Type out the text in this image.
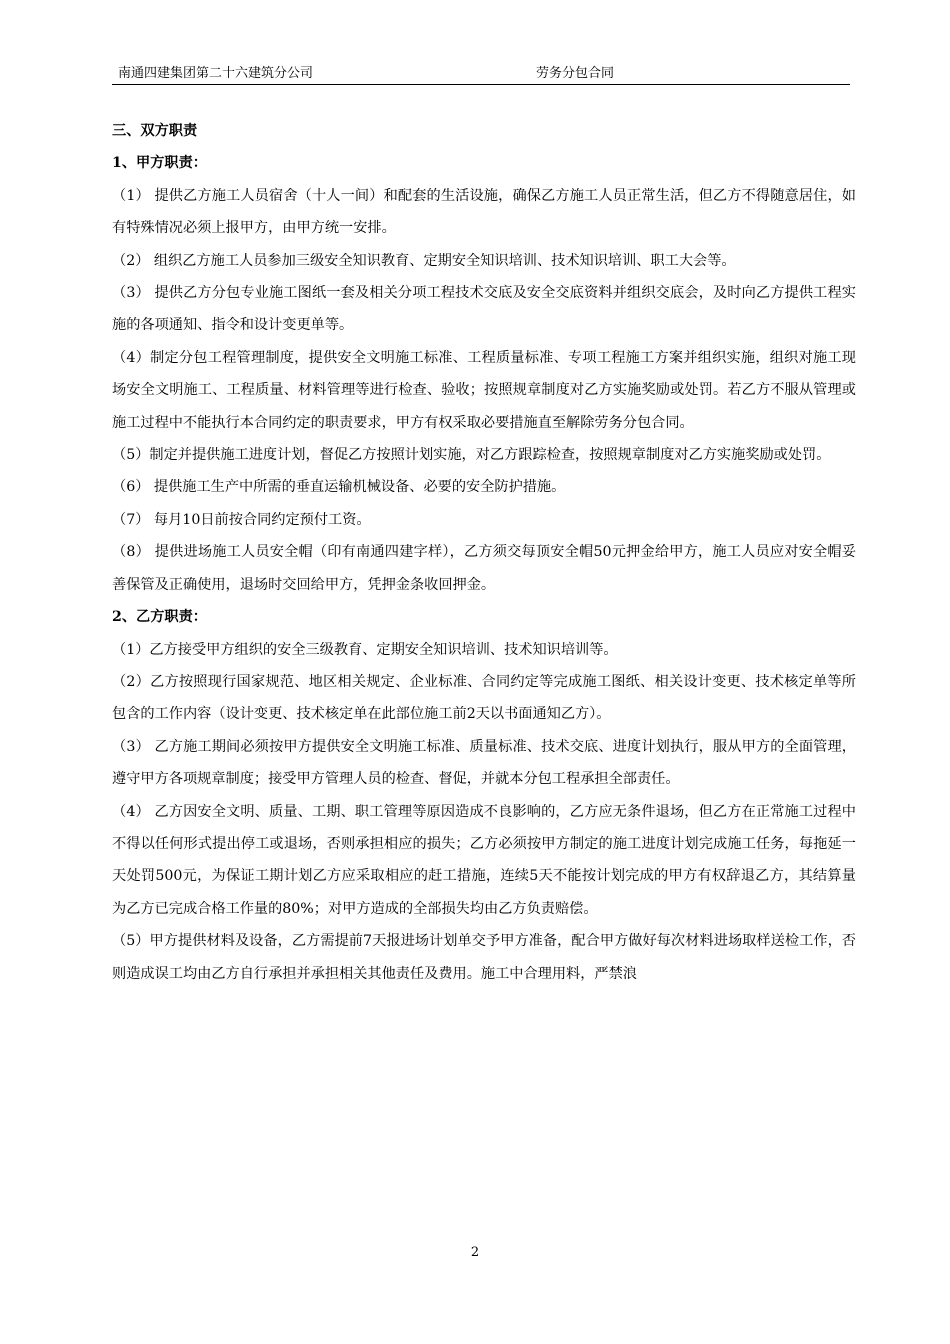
南通四建集团第二十六建筑分公司	劳务分包合同

三、双方职责

1、甲方职责：

（1） 提供乙方施工人员宿舍（十人一间）和配套的生活设施，确保乙方施工人员正常生活，但乙方不得随意居住，如有特殊情况必须上报甲方，由甲方统一安排。

（2） 组织乙方施工人员参加三级安全知识教育、定期安全知识培训、技术知识培训、职工大会等。

（3） 提供乙方分包专业施工图纸一套及相关分项工程技术交底及安全交底资料并组织交底会，及时向乙方提供工程实施的各项通知、指令和设计变更单等。

（4）制定分包工程管理制度，提供安全文明施工标准、工程质量标准、专项工程施工方案并组织实施，组织对施工现场安全文明施工、工程质量、材料管理等进行检查、验收；按照规章制度对乙方实施奖励或处罚。若乙方不服从管理或施工过程中不能执行本合同约定的职责要求，甲方有权采取必要措施直至解除劳务分包合同。

（5）制定并提供施工进度计划，督促乙方按照计划实施，对乙方跟踪检查，按照规章制度对乙方实施奖励或处罚。

（6） 提供施工生产中所需的垂直运输机械设备、必要的安全防护措施。

（7） 每月10日前按合同约定预付工资。

（8） 提供进场施工人员安全帽（印有南通四建字样），乙方须交每顶安全帽50元押金给甲方，施工人员应对安全帽妥善保管及正确使用，退场时交回给甲方，凭押金条收回押金。

2、乙方职责：

（1）乙方接受甲方组织的安全三级教育、定期安全知识培训、技术知识培训等。

（2）乙方按照现行国家规范、地区相关规定、企业标准、合同约定等完成施工图纸、相关设计变更、技术核定单等所包含的工作内容（设计变更、技术核定单在此部位施工前2天以书面通知乙方）。

（3） 乙方施工期间必须按甲方提供安全文明施工标准、质量标准、技术交底、进度计划执行，服从甲方的全面管理，遵守甲方各项规章制度；接受甲方管理人员的检查、督促，并就本分包工程承担全部责任。

（4） 乙方因安全文明、质量、工期、职工管理等原因造成不良影响的，乙方应无条件退场，但乙方在正常施工过程中不得以任何形式提出停工或退场，否则承担相应的损失；乙方必须按甲方制定的施工进度计划完成施工任务，每拖延一天处罚500元，为保证工期计划乙方应采取相应的赶工措施，连续5天不能按计划完成的甲方有权辞退乙方，其结算量为乙方已完成合格工作量的80%；对甲方造成的全部损失均由乙方负责赔偿。

（5）甲方提供材料及设备，乙方需提前7天报进场计划单交予甲方准备，配合甲方做好每次材料进场取样送检工作，否则造成误工均由乙方自行承担并承担相关其他责任及费用。施工中合理用料，严禁浪

2
